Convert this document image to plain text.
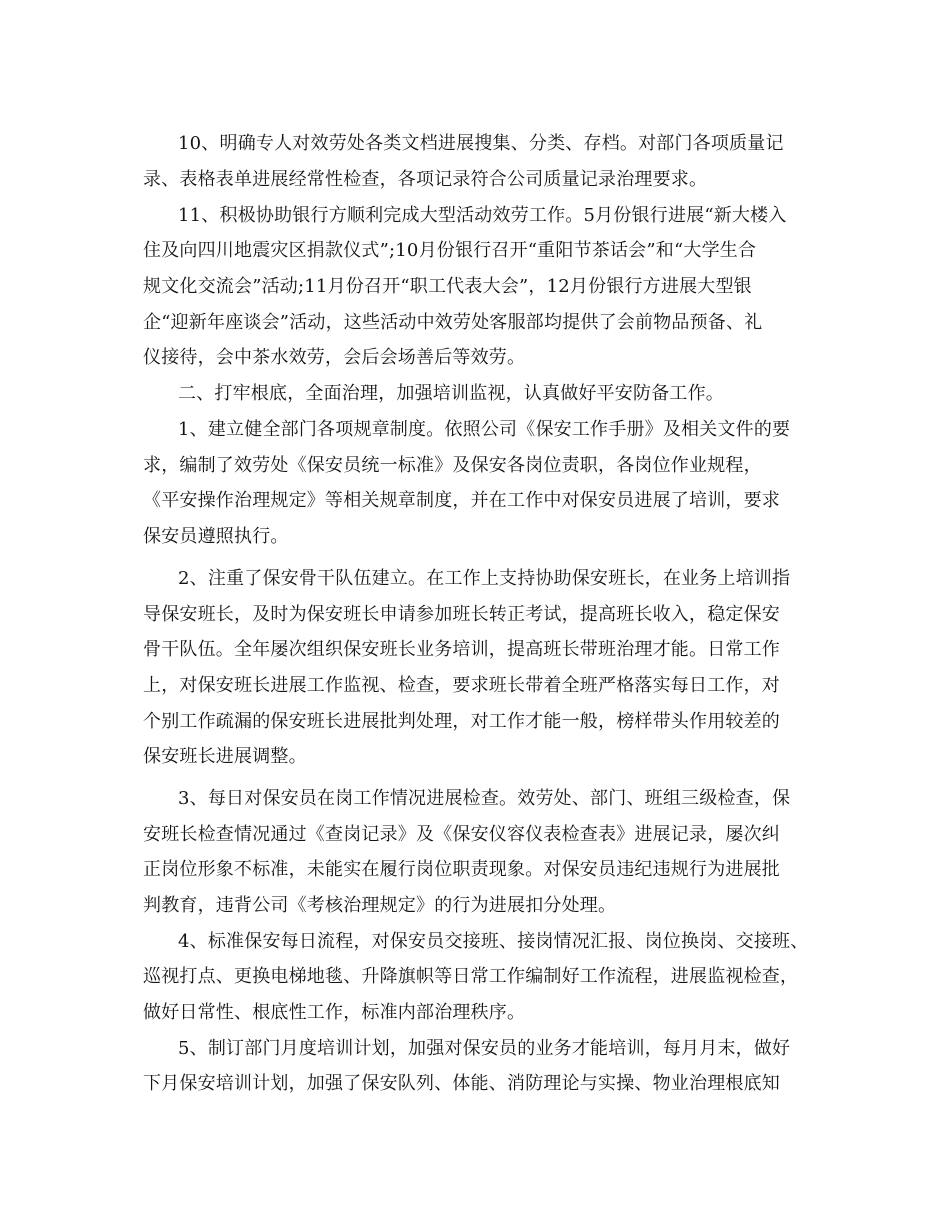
10、明确专人对效劳处各类文档进展搜集、分类、存档。对部门各项质量记
录、表格表单进展经常性检查，各项记录符合公司质量记录治理要求。
11、积极协助银行方顺利完成大型活动效劳工作。5月份银行进展“新大楼入
住及向四川地震灾区捐款仪式”;10月份银行召开“重阳节茶话会”和“大学生合
规文化交流会”活动;11月份召开“职工代表大会”，12月份银行方进展大型银
企“迎新年座谈会”活动，这些活动中效劳处客服部均提供了会前物品预备、礼
仪接待，会中茶水效劳，会后会场善后等效劳。
二、打牢根底，全面治理，加强培训监视，认真做好平安防备工作。
1、建立健全部门各项规章制度。依照公司《保安工作手册》及相关文件的要
求，编制了效劳处《保安员统一标准》及保安各岗位责职，各岗位作业规程，
《平安操作治理规定》等相关规章制度，并在工作中对保安员进展了培训，要求
保安员遵照执行。
2、注重了保安骨干队伍建立。在工作上支持协助保安班长，在业务上培训指
导保安班长，及时为保安班长申请参加班长转正考试，提高班长收入，稳定保安
骨干队伍。全年屡次组织保安班长业务培训，提高班长带班治理才能。日常工作
上，对保安班长进展工作监视、检查，要求班长带着全班严格落实每日工作，对
个别工作疏漏的保安班长进展批判处理，对工作才能一般，榜样带头作用较差的
保安班长进展调整。
3、每日对保安员在岗工作情况进展检查。效劳处、部门、班组三级检查，保
安班长检查情况通过《查岗记录》及《保安仪容仪表检查表》进展记录，屡次纠
正岗位形象不标准，未能实在履行岗位职责现象。对保安员违纪违规行为进展批
判教育，违背公司《考核治理规定》的行为进展扣分处理。
4、标准保安每日流程，对保安员交接班、接岗情况汇报、岗位换岗、交接班、
巡视打点、更换电梯地毯、升降旗帜等日常工作编制好工作流程，进展监视检查，
做好日常性、根底性工作，标准内部治理秩序。
5、制订部门月度培训计划，加强对保安员的业务才能培训，每月月末，做好
下月保安培训计划，加强了保安队列、体能、消防理论与实操、物业治理根底知
